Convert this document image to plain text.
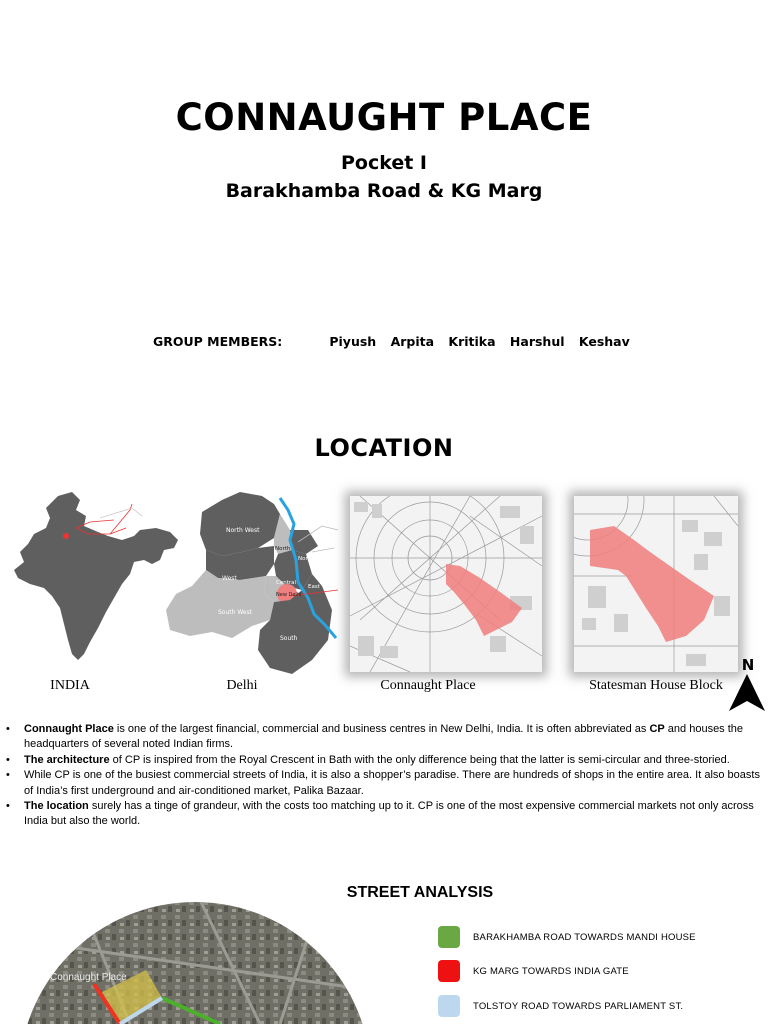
CONNAUGHT PLACE
Pocket I
Barakhamba Road & KG Marg
GROUP MEMBERS:	Piyush Arpita Kritika Harshul Keshav
LOCATION
North West
North
North East
West
Central
East
New Delhi
South West
South
INDIA	Delhi	Connaught Place	Statesman House Block
N
• Connaught Place is one of the largest financial, commercial and business centres in New Delhi, India. It is often abbreviated as CP and houses the headquarters of several noted Indian firms.
• The architecture of CP is inspired from the Royal Crescent in Bath with the only difference being that the latter is semi-circular and three-storied.
• While CP is one of the busiest commercial streets of India, it is also a shopper’s paradise. There are hundreds of shops in the entire area. It also boasts of India’s first underground and air-conditioned market, Palika Bazaar.
• The location surely has a tinge of grandeur, with the costs too matching up to it. CP is one of the most expensive commercial markets not only across India but also the world.
STREET ANALYSIS
Connaught Place
BARAKHAMBA ROAD TOWARDS MANDI HOUSE
KG MARG TOWARDS INDIA GATE
TOLSTOY ROAD TOWARDS PARLIAMENT ST.
